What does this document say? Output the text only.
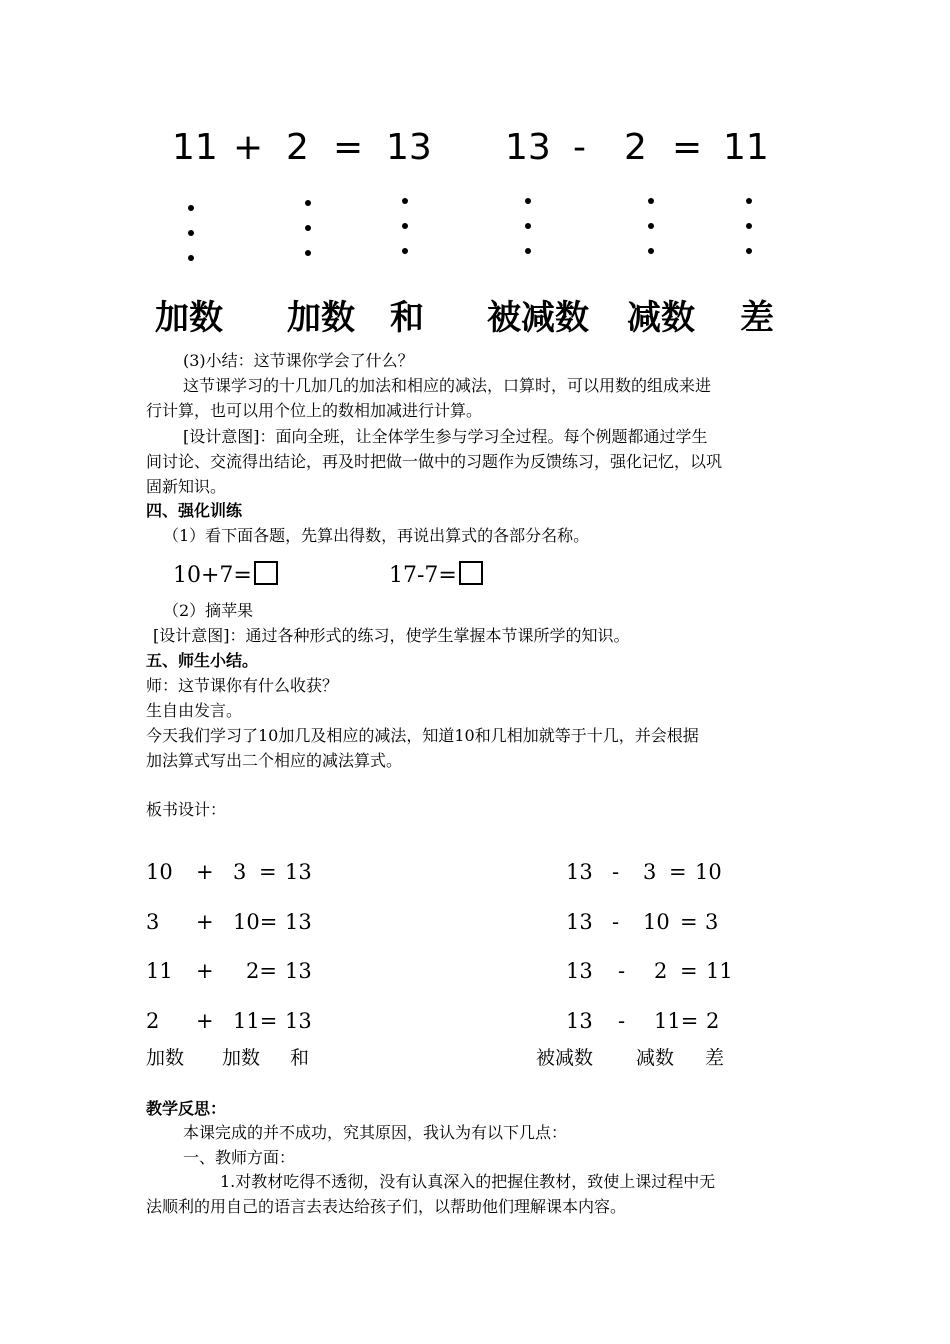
11 + 2 = 13 13 - 2 = 11
加数 加数 和 被减数 减数 差
(3)小结：这节课你学会了什么？
这节课学习的十几加几的加法和相应的减法，口算时，可以用数的组成来进
行计算，也可以用个位上的数相加减进行计算。
[设计意图]：面向全班，让全体学生参与学习全过程。每个例题都通过学生
间讨论、交流得出结论，再及时把做一做中的习题作为反馈练习，强化记忆，以巩
固新知识。
四、强化训练
（1）看下面各题，先算出得数，再说出算式的各部分名称。
10+7=	17-7=
（2）摘苹果
[设计意图]：通过各种形式的练习，使学生掌握本节课所学的知识。
五、师生小结。
师：这节课你有什么收获？
生自由发言。
今天我们学习了10加几及相应的减法，知道10和几相加就等于十几，并会根据
加法算式写出二个相应的减法算式。
板书设计：
10 + 3 = 13	13 - 3 = 10
3 + 10= 13	13 - 10 = 3
11 + 2= 13	13 - 2 = 11
2 + 11= 13	13 - 11= 2
加数 加数 和	被减数 减数 差
教学反思：
本课完成的并不成功，究其原因，我认为有以下几点：
一、教师方面：
1.对教材吃得不透彻，没有认真深入的把握住教材，致使上课过程中无
法顺利的用自己的语言去表达给孩子们，以帮助他们理解课本内容。
